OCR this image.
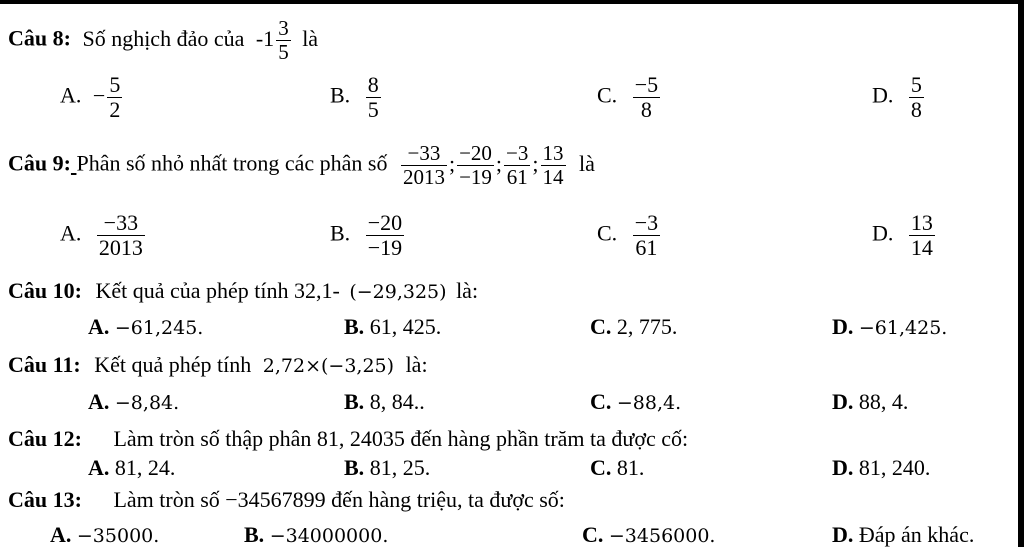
Câu 8: Số nghịch đảo của $-1 \frac{3}{5}$ là
A. − $\frac{5}{2}$	B. $\frac{8}{5}$	C. $\frac{-5}{8}$	D. $\frac{5}{8}$
Câu 9: Phân số nhỏ nhất trong các phân số $\frac{-33}{2013}$ ; $\frac{-20}{-19}$ ; $\frac{-3}{61}$ ; $\frac{13}{14}$ là
A. $\frac{-33}{2013}$	B. $\frac{-20}{-19}$	C. $\frac{-3}{61}$	D. $\frac{13}{14}$
Câu 10: Kết quả của phép tính 32,1- (−29,325) là:
A. −61,245.	B. 61, 425.	C. 2, 775.	D. −61,425.
Câu 11: Kết quả phép tính 2,72×(−3,25) là:
A. −8,84.	B. 8, 84..	C. −88,4.	D. 88, 4.
Câu 12: Làm tròn số thập phân 81, 24035 đến hàng phần trăm ta được cố:
A. 81, 24.	B. 81, 25.	C. 81.	D. 81, 240.
Câu 13: Làm tròn số −34567899 đến hàng triệu, ta được số:
A. −35000.	B. −34000000.	C. −3456000.	D. Đáp án khác.
